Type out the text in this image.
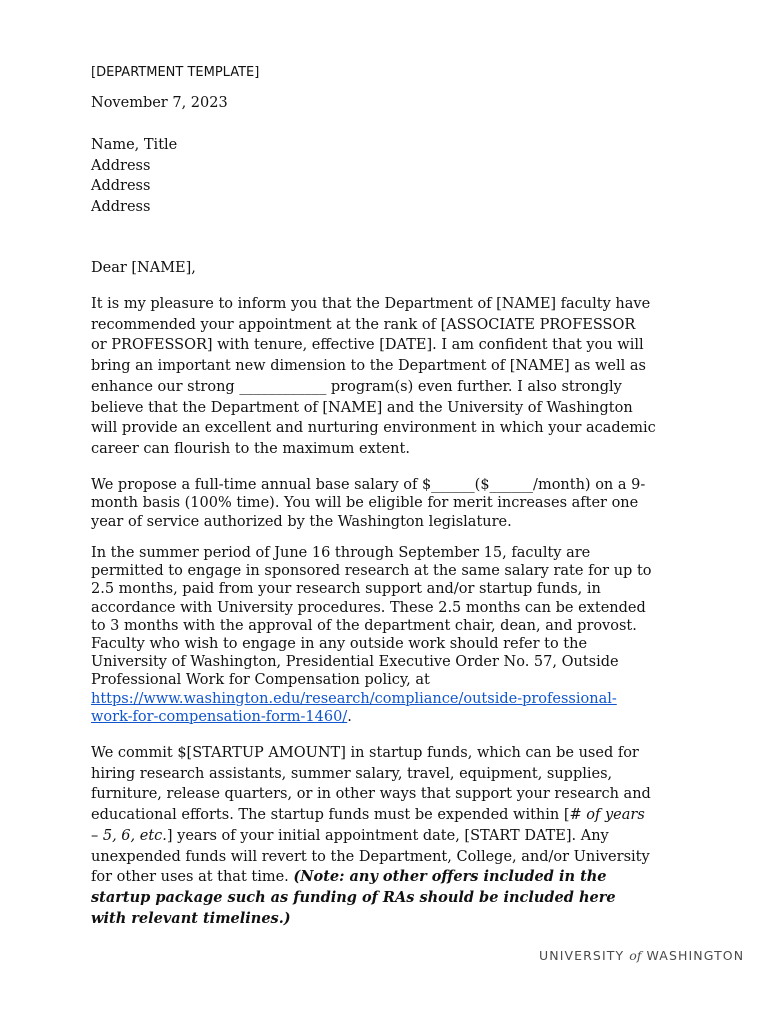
[DEPARTMENT TEMPLATE]
November 7, 2023
Name, Title
Address
Address
Address
Dear [NAME],

It is my pleasure to inform you that the Department of [NAME] faculty have
recommended your appointment at the rank of [ASSOCIATE PROFESSOR
or PROFESSOR] with tenure, effective [DATE]. I am confident that you will
bring an important new dimension to the Department of [NAME] as well as
enhance our strong ____________ program(s) even further. I also strongly
believe that the Department of [NAME] and the University of Washington
will provide an excellent and nurturing environment in which your academic
career can flourish to the maximum extent.

We propose a full-time annual base salary of $______($______/month) on a 9-
month basis (100% time). You will be eligible for merit increases after one
year of service authorized by the Washington legislature.

In the summer period of June 16 through September 15, faculty are
permitted to engage in sponsored research at the same salary rate for up to
2.5 months, paid from your research support and/or startup funds, in
accordance with University procedures. These 2.5 months can be extended
to 3 months with the approval of the department chair, dean, and provost.
Faculty who wish to engage in any outside work should refer to the
University of Washington, Presidential Executive Order No. 57, Outside
Professional Work for Compensation policy, at
https://www.washington.edu/research/compliance/outside-professional-
work-for-compensation-form-1460/.

We commit $[STARTUP AMOUNT] in startup funds, which can be used for
hiring research assistants, summer salary, travel, equipment, supplies,
furniture, release quarters, or in other ways that support your research and
educational efforts. The startup funds must be expended within [# of years
– 5, 6, etc.] years of your initial appointment date, [START DATE]. Any
unexpended funds will revert to the Department, College, and/or University
for other uses at that time. (Note: any other offers included in the
startup package such as funding of RAs should be included here
with relevant timelines.)

UNIVERSITY of WASHINGTON
